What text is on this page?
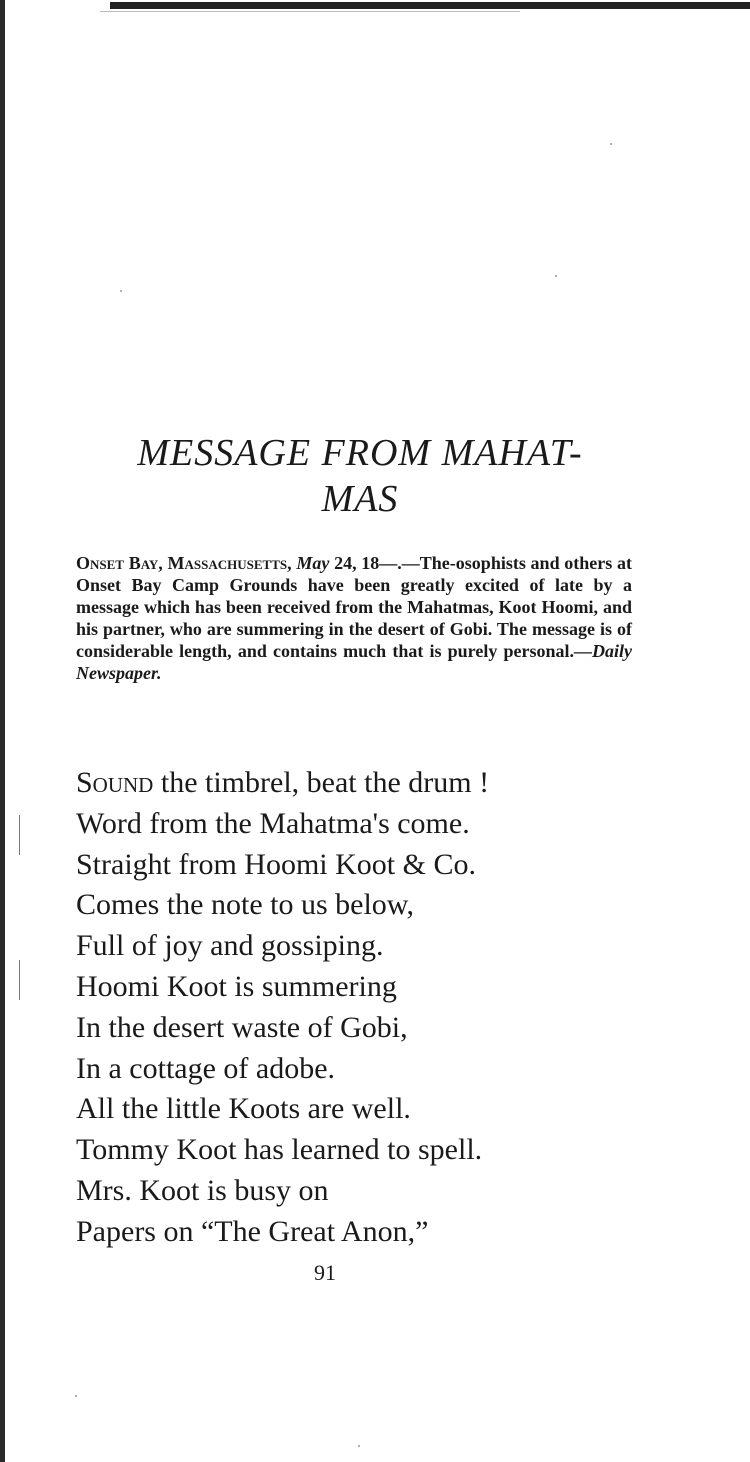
MESSAGE FROM MAHAT-
MAS

Onset Bay, Massachusetts, May 24, 18—.—The-osophists and others at Onset Bay Camp Grounds have been greatly excited of late by a message which has been received from the Mahatmas, Koot Hoomi, and his partner, who are summering in the desert of Gobi. The message is of considerable length, and contains much that is purely personal.—Daily Newspaper.

Sound the timbrel, beat the drum !
Word from the Mahatma's come.
Straight from Hoomi Koot & Co.
Comes the note to us below,
Full of joy and gossiping.
Hoomi Koot is summering
In the desert waste of Gobi,
In a cottage of adobe.
All the little Koots are well.
Tommy Koot has learned to spell.
Mrs. Koot is busy on
Papers on “The Great Anon,”
91
